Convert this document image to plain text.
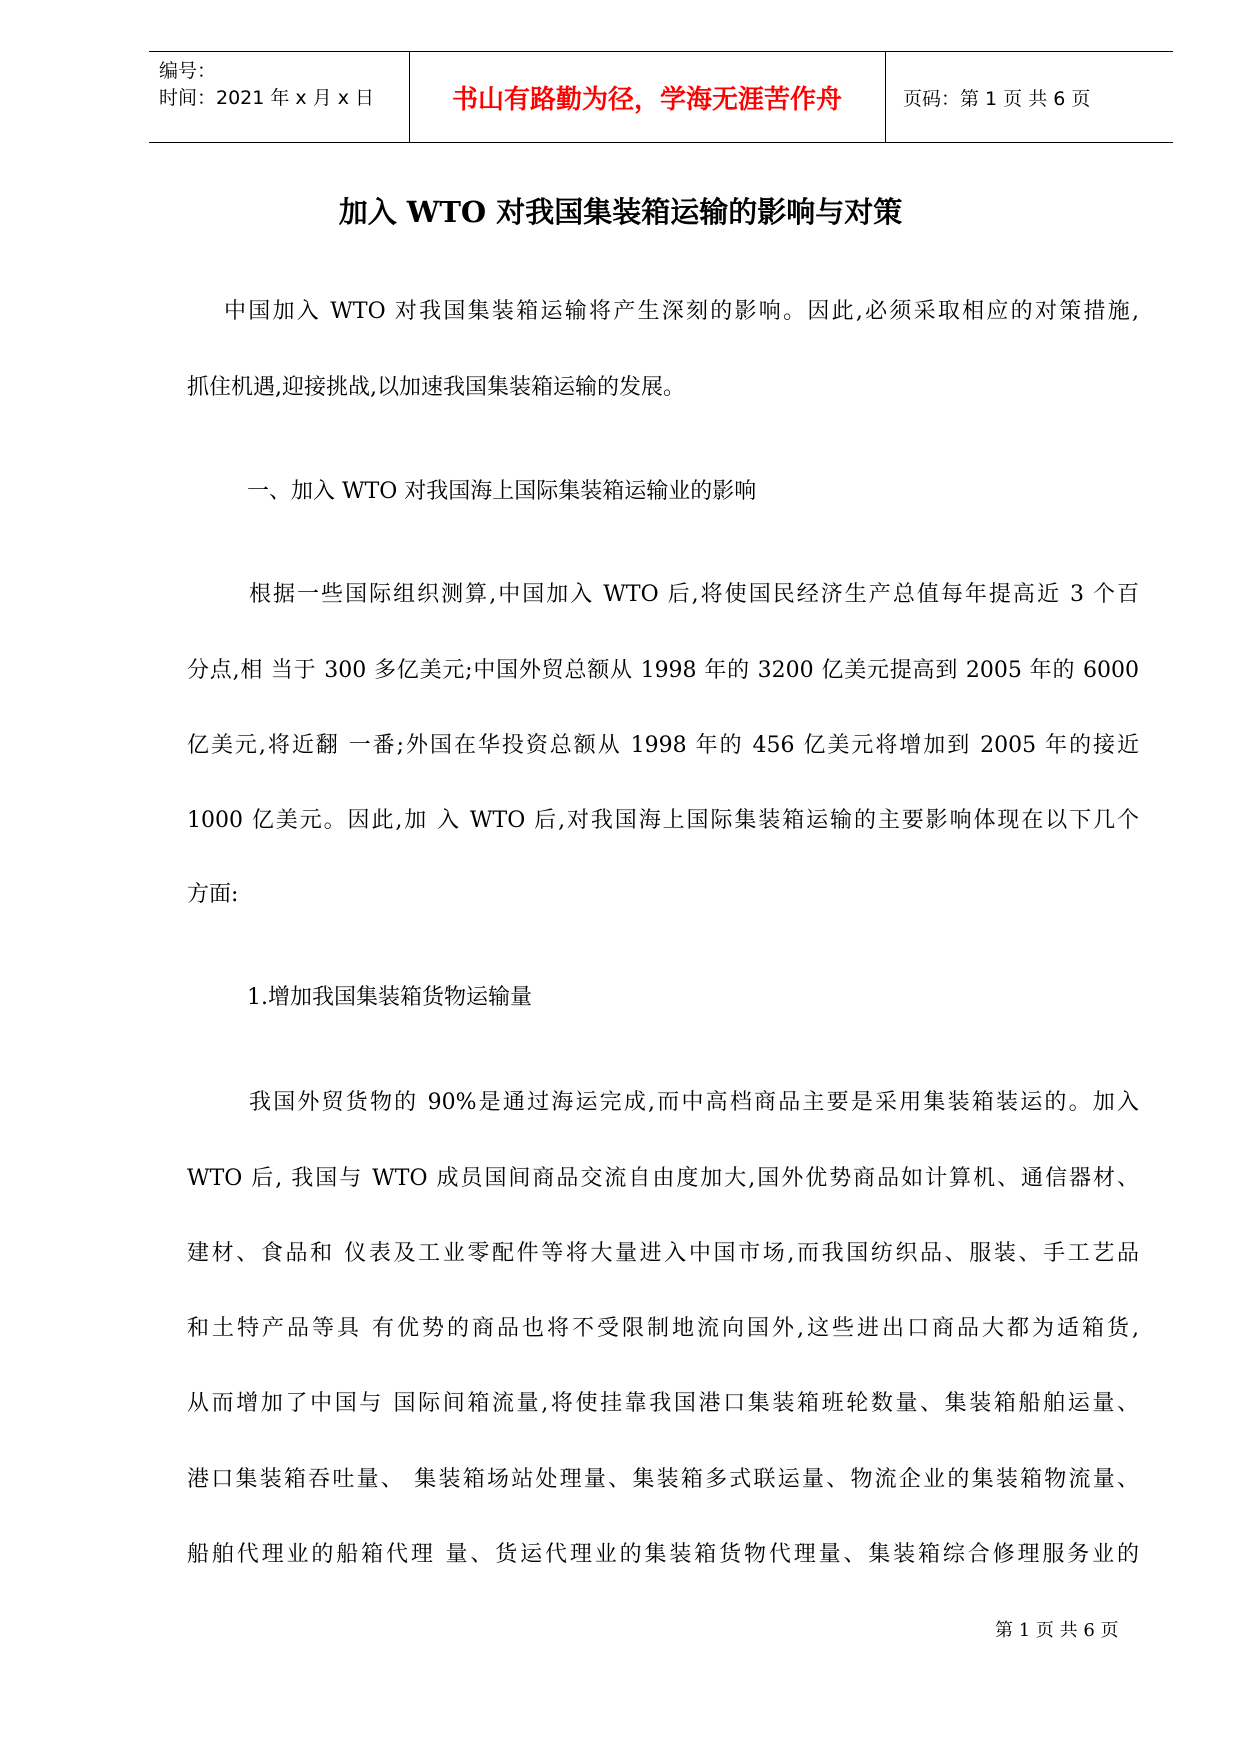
编号：
时间：2021 年 x 月 x 日	书山有路勤为径，学海无涯苦作舟	页码：第 1 页 共 6 页
加入 WTO 对我国集装箱运输的影响与对策
中国加入 WTO 对我国集装箱运输将产生深刻的影响。因此,必须采取相应的对策措施,
抓住机遇,迎接挑战,以加速我国集装箱运输的发展。
一、加入 WTO 对我国海上国际集装箱运输业的影响
根据一些国际组织测算,中国加入 WTO 后,将使国民经济生产总值每年提高近 3 个百
分点,相 当于 300 多亿美元;中国外贸总额从 1998 年的 3200 亿美元提高到 2005 年的 6000
亿美元,将近翻 一番;外国在华投资总额从 1998 年的 456 亿美元将增加到 2005 年的接近
1000 亿美元。因此,加 入 WTO 后,对我国海上国际集装箱运输的主要影响体现在以下几个
方面:
1.增加我国集装箱货物运输量
我国外贸货物的 90%是通过海运完成,而中高档商品主要是采用集装箱装运的。加入
WTO 后, 我国与 WTO 成员国间商品交流自由度加大,国外优势商品如计算机、通信器材、
建材、食品和 仪表及工业零配件等将大量进入中国市场,而我国纺织品、服装、手工艺品
和土特产品等具 有优势的商品也将不受限制地流向国外,这些进出口商品大都为适箱货,
从而增加了中国与 国际间箱流量,将使挂靠我国港口集装箱班轮数量、集装箱船舶运量、
港口集装箱吞吐量、 集装箱场站处理量、集装箱多式联运量、物流企业的集装箱物流量、
船舶代理业的船箱代理 量、货运代理业的集装箱货物代理量、集装箱综合修理服务业的
第 1 页 共 6 页
